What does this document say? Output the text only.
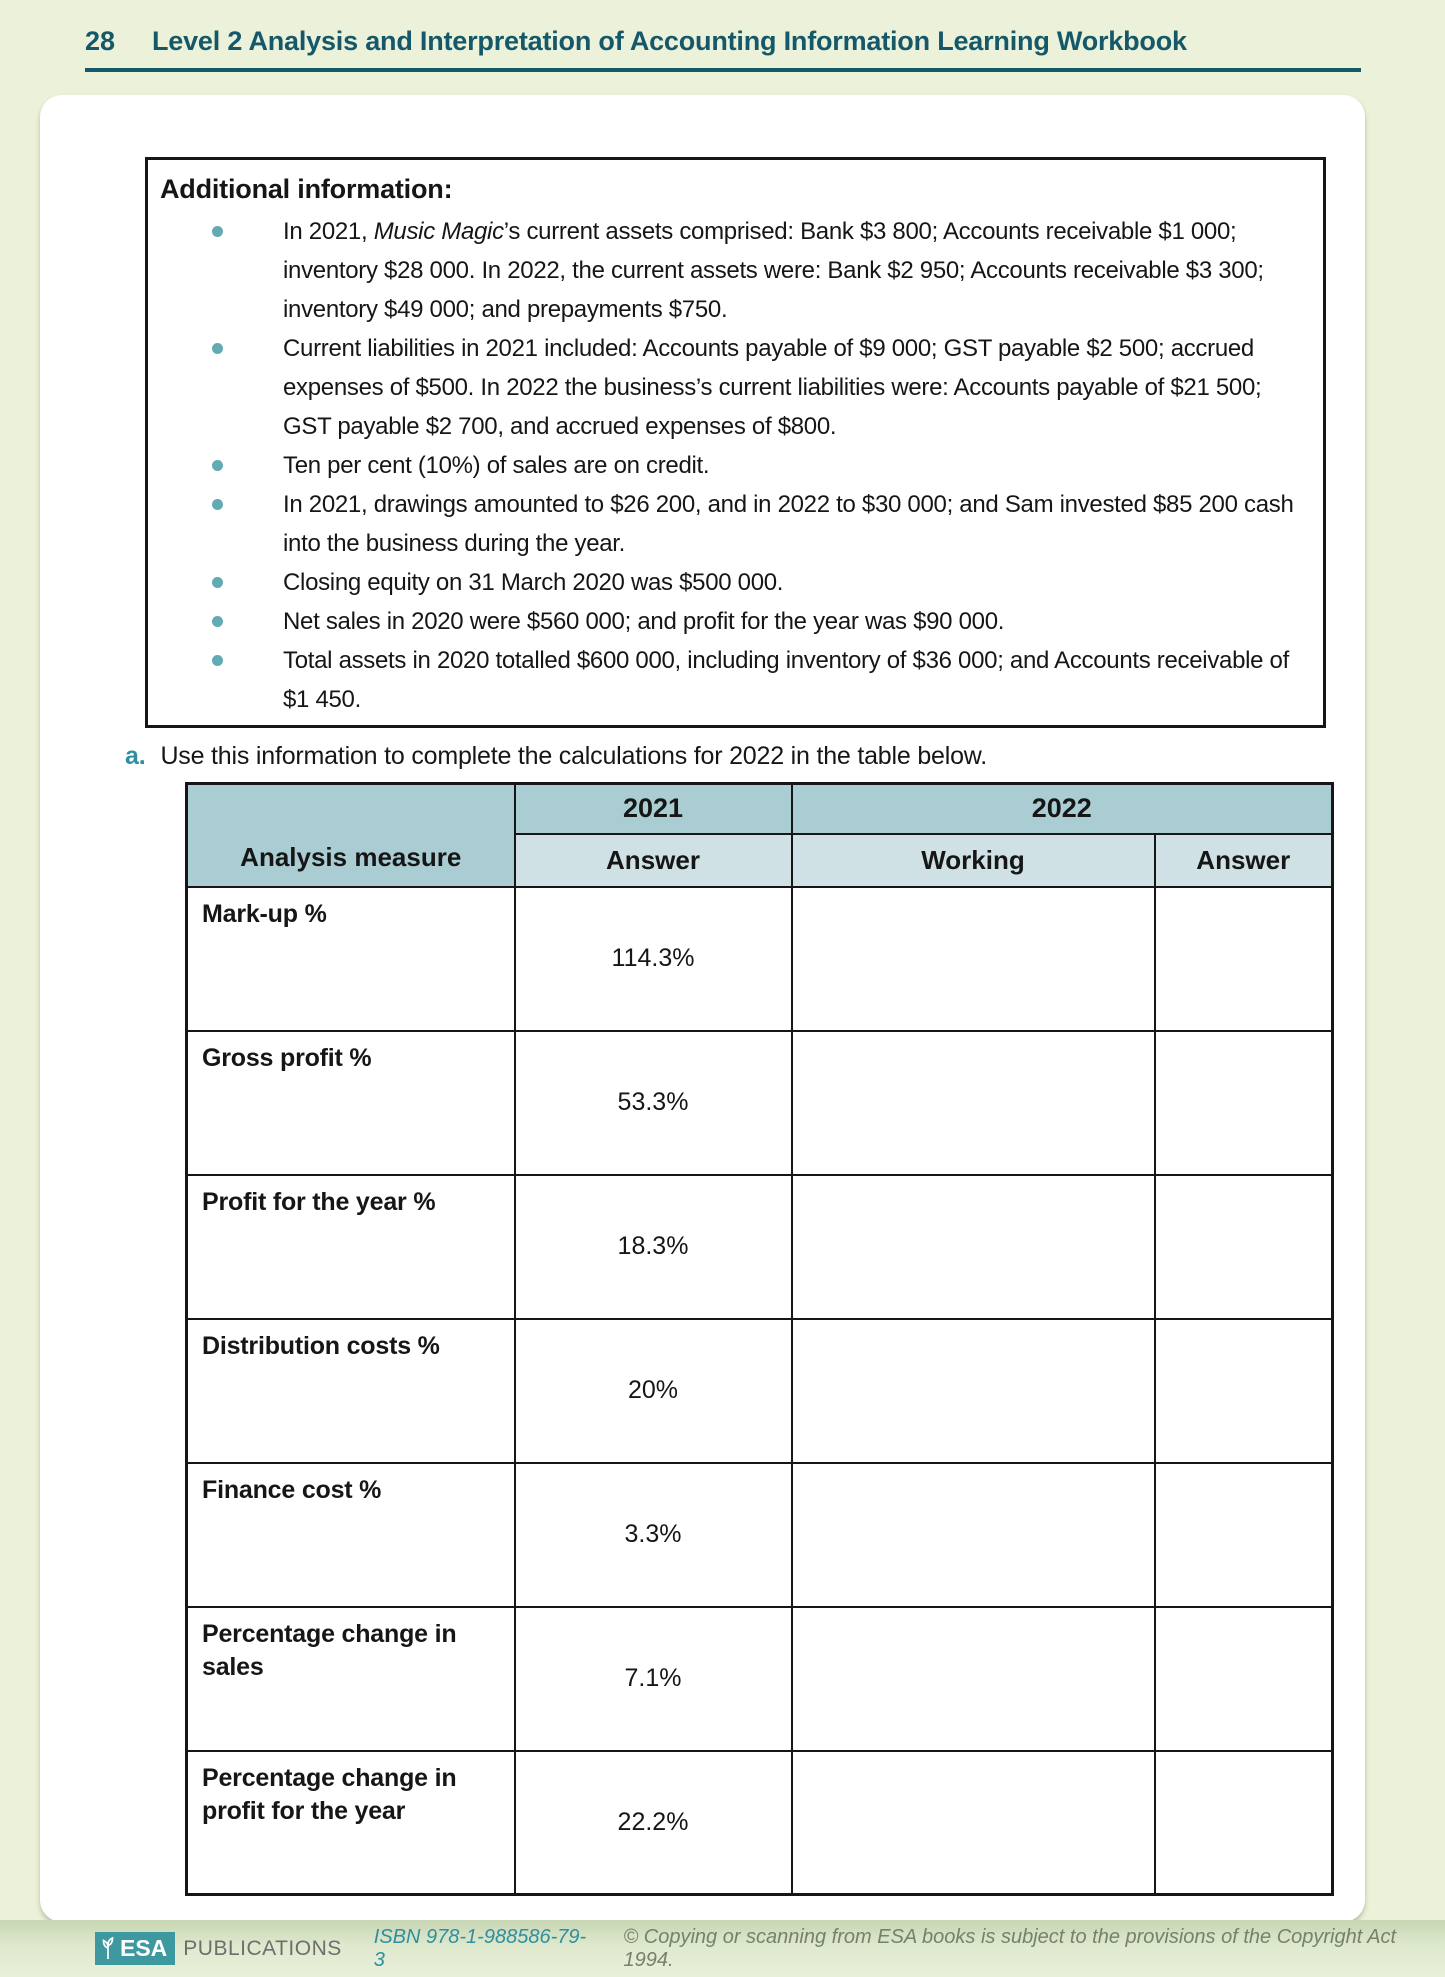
28 Level 2 Analysis and Interpretation of Accounting Information Learning Workbook
Additional information:
In 2021, Music Magic’s current assets comprised: Bank $3 800; Accounts receivable $1 000; inventory $28 000. In 2022, the current assets were: Bank $2 950; Accounts receivable $3 300; inventory $49 000; and prepayments $750.
Current liabilities in 2021 included: Accounts payable of $9 000; GST payable $2 500; accrued expenses of $500. In 2022 the business’s current liabilities were: Accounts payable of $21 500; GST payable $2 700, and accrued expenses of $800.
Ten per cent (10%) of sales are on credit.
In 2021, drawings amounted to $26 200, and in 2022 to $30 000; and Sam invested $85 200 cash into the business during the year.
Closing equity on 31 March 2020 was $500 000.
Net sales in 2020 were $560 000; and profit for the year was $90 000.
Total assets in 2020 totalled $600 000, including inventory of $36 000; and Accounts receivable of $1 450.
a. Use this information to complete the calculations for 2022 in the table below.
Analysis measure	2021	2022	
	Answer	Working	Answer
Mark-up %	114.3%		
Gross profit %	53.3%		
Profit for the year %	18.3%		
Distribution costs %	20%		
Finance cost %	3.3%		
Percentage change in sales	7.1%		
Percentage change in profit for the year	22.2%		
ESA PUBLICATIONS ISBN 978-1-988586-79-3
© Copying or scanning from ESA books is subject to the provisions of the Copyright Act 1994.
